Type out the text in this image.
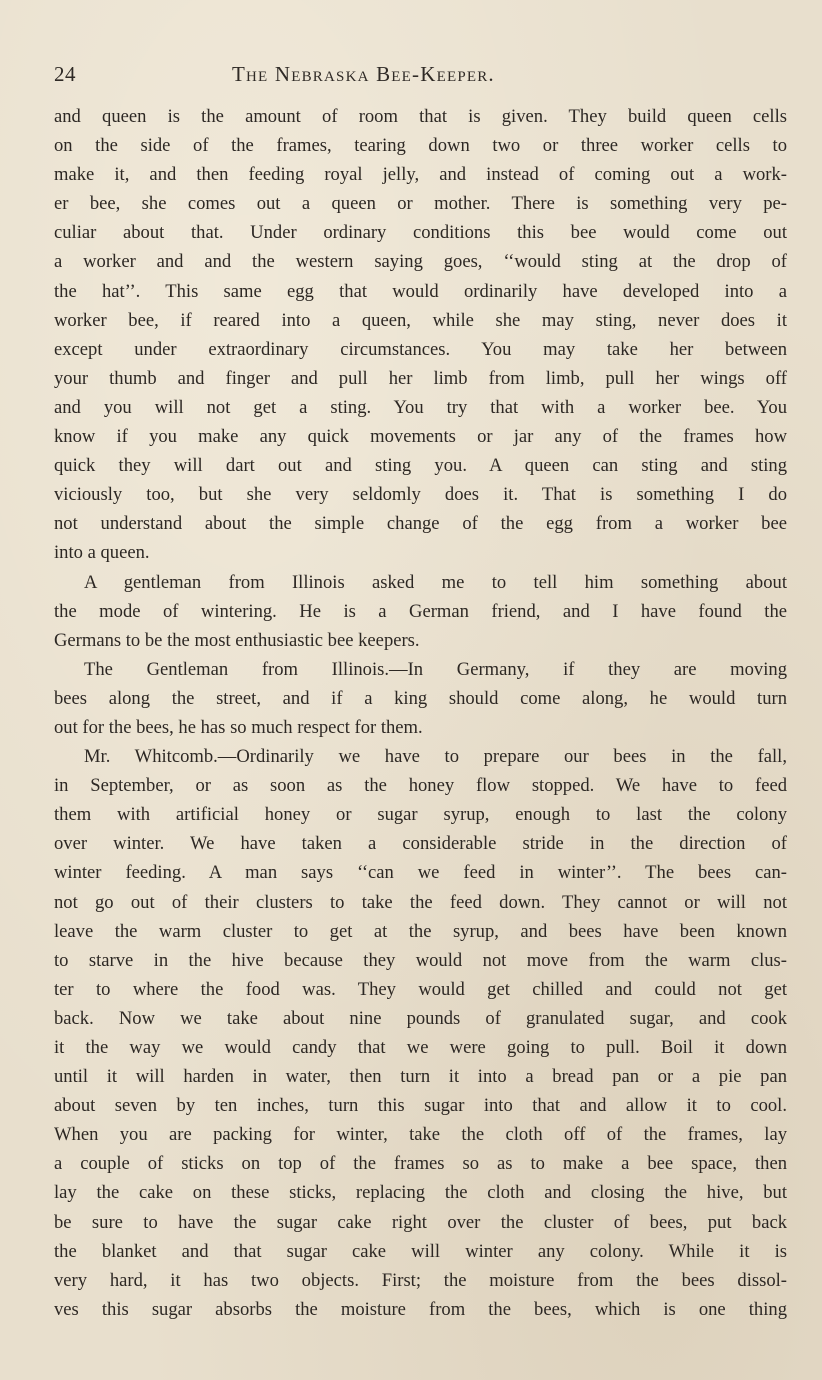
24	The Nebraska Bee-Keeper.
and queen is the amount of room that is given. They build queen cells
on the side of the frames, tearing down two or three worker cells to
make it, and then feeding royal jelly, and instead of coming out a work-
er bee, she comes out a queen or mother. There is something very pe-
culiar about that. Under ordinary conditions this bee would come out
a worker and and the western saying goes, ‘‘would sting at the drop of
the hat’’. This same egg that would ordinarily have developed into a
worker bee, if reared into a queen, while she may sting, never does it
except under extraordinary circumstances. You may take her between
your thumb and finger and pull her limb from limb, pull her wings off
and you will not get a sting. You try that with a worker bee. You
know if you make any quick movements or jar any of the frames how
quick they will dart out and sting you. A queen can sting and sting
viciously too, but she very seldomly does it. That is something I do
not understand about the simple change of the egg from a worker bee
into a queen.
A gentleman from Illinois asked me to tell him something about
the mode of wintering. He is a German friend, and I have found the
Germans to be the most enthusiastic bee keepers.
The Gentleman from Illinois.—In Germany, if they are moving
bees along the street, and if a king should come along, he would turn
out for the bees, he has so much respect for them.
Mr. Whitcomb.—Ordinarily we have to prepare our bees in the fall,
in September, or as soon as the honey flow stopped. We have to feed
them with artificial honey or sugar syrup, enough to last the colony
over winter. We have taken a considerable stride in the direction of
winter feeding. A man says ‘‘can we feed in winter’’. The bees can-
not go out of their clusters to take the feed down. They cannot or will not
leave the warm cluster to get at the syrup, and bees have been known
to starve in the hive because they would not move from the warm clus-
ter to where the food was. They would get chilled and could not get
back. Now we take about nine pounds of granulated sugar, and cook
it the way we would candy that we were going to pull. Boil it down
until it will harden in water, then turn it into a bread pan or a pie pan
about seven by ten inches, turn this sugar into that and allow it to cool.
When you are packing for winter, take the cloth off of the frames, lay
a couple of sticks on top of the frames so as to make a bee space, then
lay the cake on these sticks, replacing the cloth and closing the hive, but
be sure to have the sugar cake right over the cluster of bees, put back
the blanket and that sugar cake will winter any colony. While it is
very hard, it has two objects. First; the moisture from the bees dissol-
ves this sugar absorbs the moisture from the bees, which is one thing
